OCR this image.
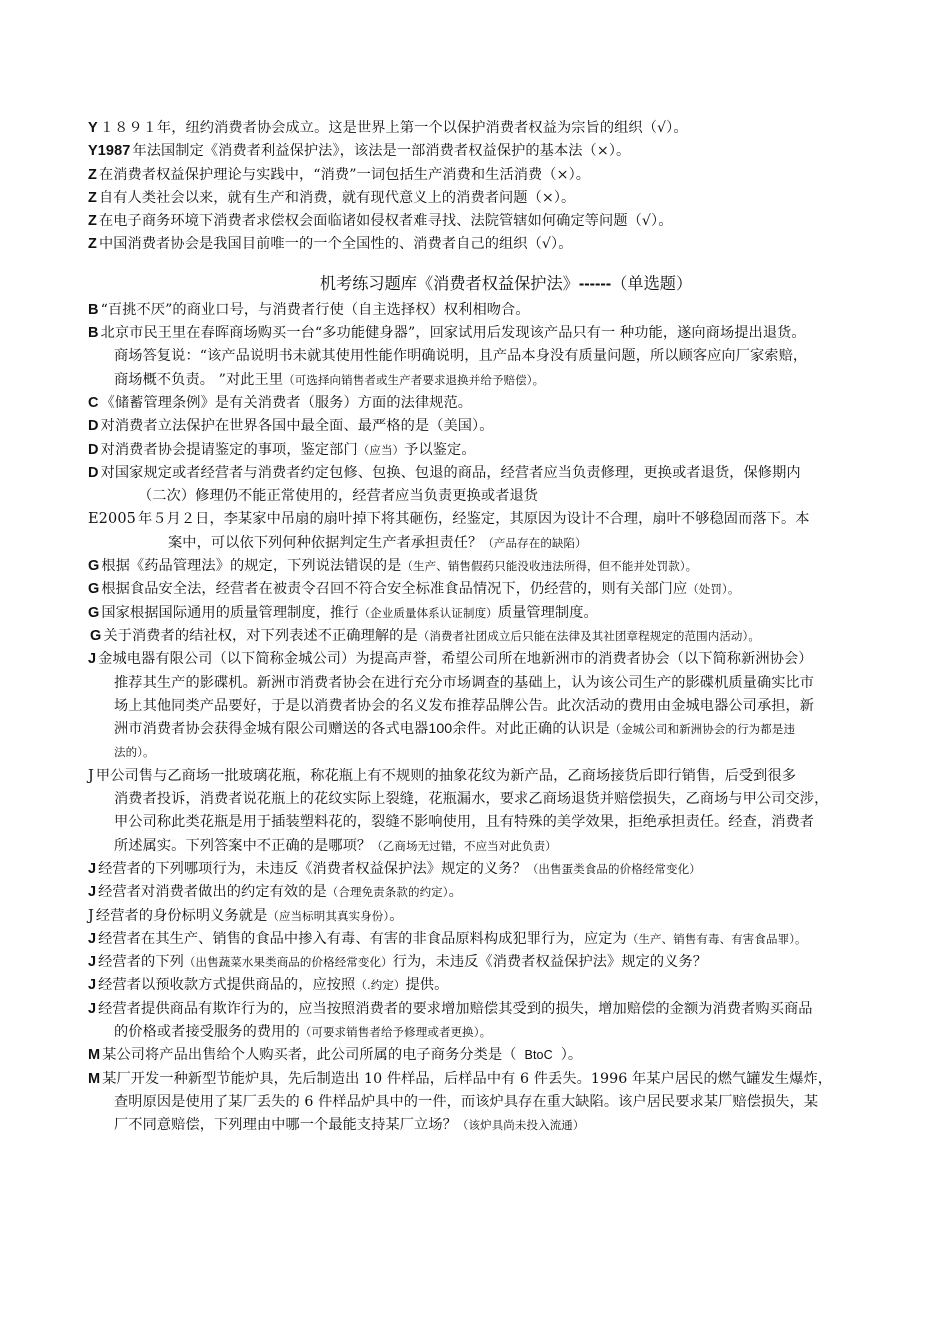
Y １８９１年，纽约消费者协会成立。这是世界上第一个以保护消费者权益为宗旨的组织（√）。
Y1987 年法国制定《消费者利益保护法》，该法是一部消费者权益保护的基本法（×）。
Z 在消费者权益保护理论与实践中，“消费”一词包括生产消费和生活消费（×）。
Z 自有人类社会以来，就有生产和消费，就有现代意义上的消费者问题（×）。
Z 在电子商务环境下消费者求偿权会面临诸如侵权者难寻找、法院管辖如何确定等问题（√）。
Z 中国消费者协会是我国目前唯一的一个全国性的、消费者自己的组织（√）。
机考练习题库《消费者权益保护法》------（单选题）
B “百挑不厌”的商业口号，与消费者行使（自主选择权）权利相吻合。
B 北京市民王里在春晖商场购买一台“多功能健身器”，回家试用后发现该产品只有一 种功能，遂向商场提出退货。
商场答复说：“该产品说明书未就其使用性能作明确说明，且产品本身没有质量问题，所以顾客应向厂家索赔，
商场概不负责。 ”对此王里（可选择向销售者或生产者要求退换并给予赔偿）。
C 《储蓄管理条例》是有关消费者（服务）方面的法律规范。
D 对消费者立法保护在世界各国中最全面、最严格的是（美国）。
D 对消费者协会提请鉴定的事项，鉴定部门（应当）予以鉴定。
D 对国家规定或者经营者与消费者约定包修、包换、包退的商品，经营者应当负责修理，更换或者退货，保修期内
（二次）修理仍不能正常使用的，经营者应当负责更换或者退货
E2005 年５月２日，李某家中吊扇的扇叶掉下将其砸伤，经鉴定，其原因为设计不合理，扇叶不够稳固而落下。本
案中，可以依下列何种依据判定生产者承担责任？（产品存在的缺陷）
G 根据《药品管理法》的规定，下列说法错误的是（生产、销售假药只能没收违法所得，但不能并处罚款）。
G 根据食品安全法，经营者在被责令召回不符合安全标准食品情况下，仍经营的，则有关部门应（处罚）。
G 国家根据国际通用的质量管理制度，推行（企业质量体系认证制度）质量管理制度。
G 关于消费者的结社权，对下列表述不正确理解的是（消费者社团成立后只能在法律及其社团章程规定的范围内活动）。
J 金城电器有限公司（以下简称金城公司）为提高声誉，希望公司所在地新洲市的消费者协会（以下简称新洲协会）
推荐其生产的影碟机。新洲市消费者协会在进行充分市场调查的基础上，认为该公司生产的影碟机质量确实比市
场上其他同类产品要好，于是以消费者协会的名义发布推荐品牌公告。此次活动的费用由金城电器公司承担，新
洲市消费者协会获得金城有限公司赠送的各式电器100余件。对此正确的认识是（金城公司和新洲协会的行为都是违
法的）。
J 甲公司售与乙商场一批玻璃花瓶，称花瓶上有不规则的抽象花纹为新产品，乙商场接货后即行销售，后受到很多
消费者投诉，消费者说花瓶上的花纹实际上裂缝，花瓶漏水，要求乙商场退货并赔偿损失，乙商场与甲公司交涉，
甲公司称此类花瓶是用于插装塑料花的，裂缝不影响使用，且有特殊的美学效果，拒绝承担责任。经查，消费者
所述属实。下列答案中不正确的是哪项？（乙商场无过错，不应当对此负责）
J 经营者的下列哪项行为，未违反《消费者权益保护法》规定的义务？（出售蛋类食品的价格经常变化）
J 经营者对消费者做出的约定有效的是（合理免责条款的约定）。
J 经营者的身份标明义务就是（应当标明其真实身份）。
J 经营者在其生产、销售的食品中掺入有毒、有害的非食品原料构成犯罪行为，应定为（生产、销售有毒、有害食品罪）。
J 经营者的下列（出售蔬菜水果类商品的价格经常变化）行为，未违反《消费者权益保护法》规定的义务？
J 经营者以预收款方式提供商品的，应按照（.约定）提供。
J 经营者提供商品有欺诈行为的，应当按照消费者的要求增加赔偿其受到的损失，增加赔偿的金额为消费者购买商品
的价格或者接受服务的费用的（可要求销售者给予修理或者更换）。
M 某公司将产品出售给个人购买者，此公司所属的电子商务分类是（ BtoC ）。
M 某厂开发一种新型节能炉具，先后制造出 10 件样品，后样品中有 6 件丢失。1996 年某户居民的燃气罐发生爆炸，
查明原因是使用了某厂丢失的 6 件样品炉具中的一件，而该炉具存在重大缺陷。该户居民要求某厂赔偿损失，某
厂不同意赔偿，下列理由中哪一个最能支持某厂立场？（该炉具尚未投入流通）
